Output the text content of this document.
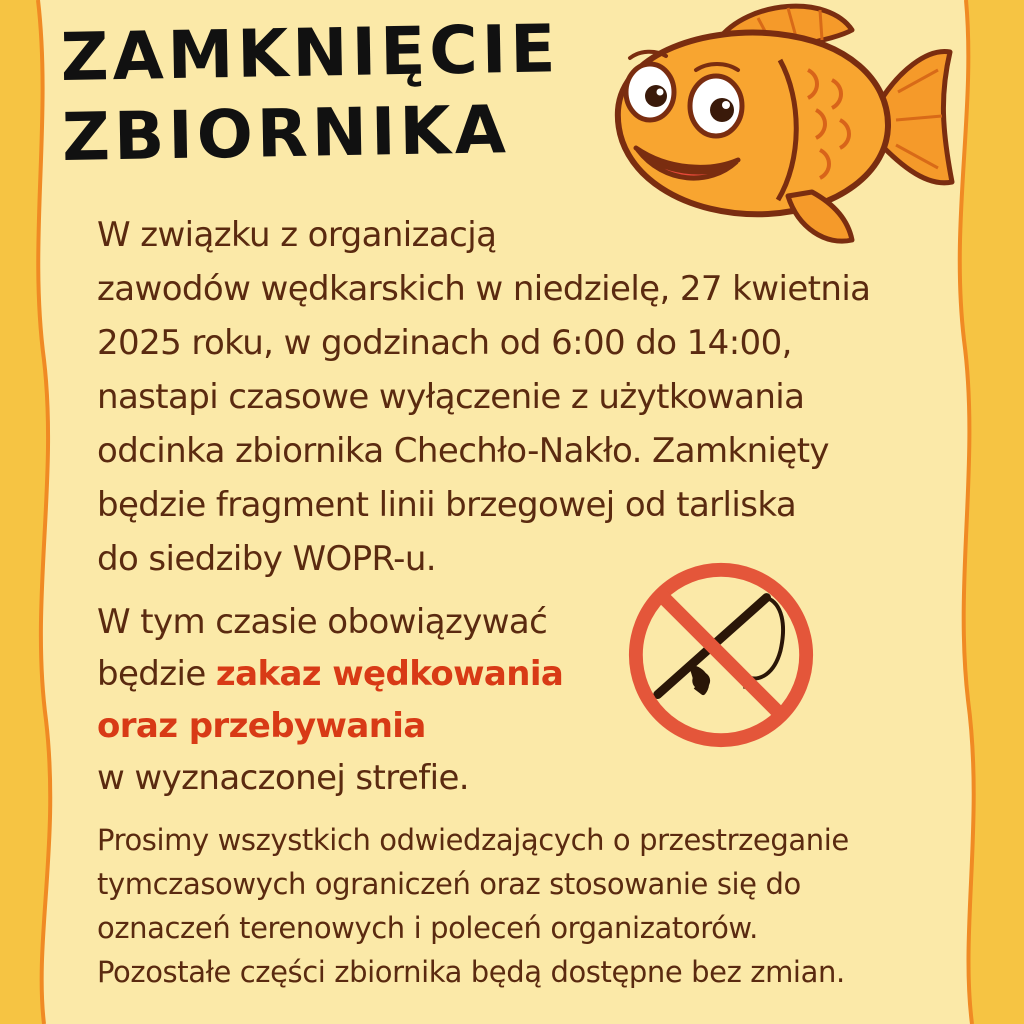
ZAMKNIĘCIE
ZBIORNIKA

W związku z organizacją
zawodów wędkarskich w niedzielę, 27 kwietnia
2025 roku, w godzinach od 6:00 do 14:00,
nastapi czasowe wyłączenie z użytkowania
odcinka zbiornika Chechło-Nakło. Zamknięty
będzie fragment linii brzegowej od tarliska
do siedziby WOPR-u.

W tym czasie obowiązywać
będzie zakaz wędkowania
oraz przebywania
w wyznaczonej strefie.

Prosimy wszystkich odwiedzających o przestrzeganie
tymczasowych ograniczeń oraz stosowanie się do
oznaczeń terenowych i poleceń organizatorów.
Pozostałe części zbiornika będą dostępne bez zmian.
